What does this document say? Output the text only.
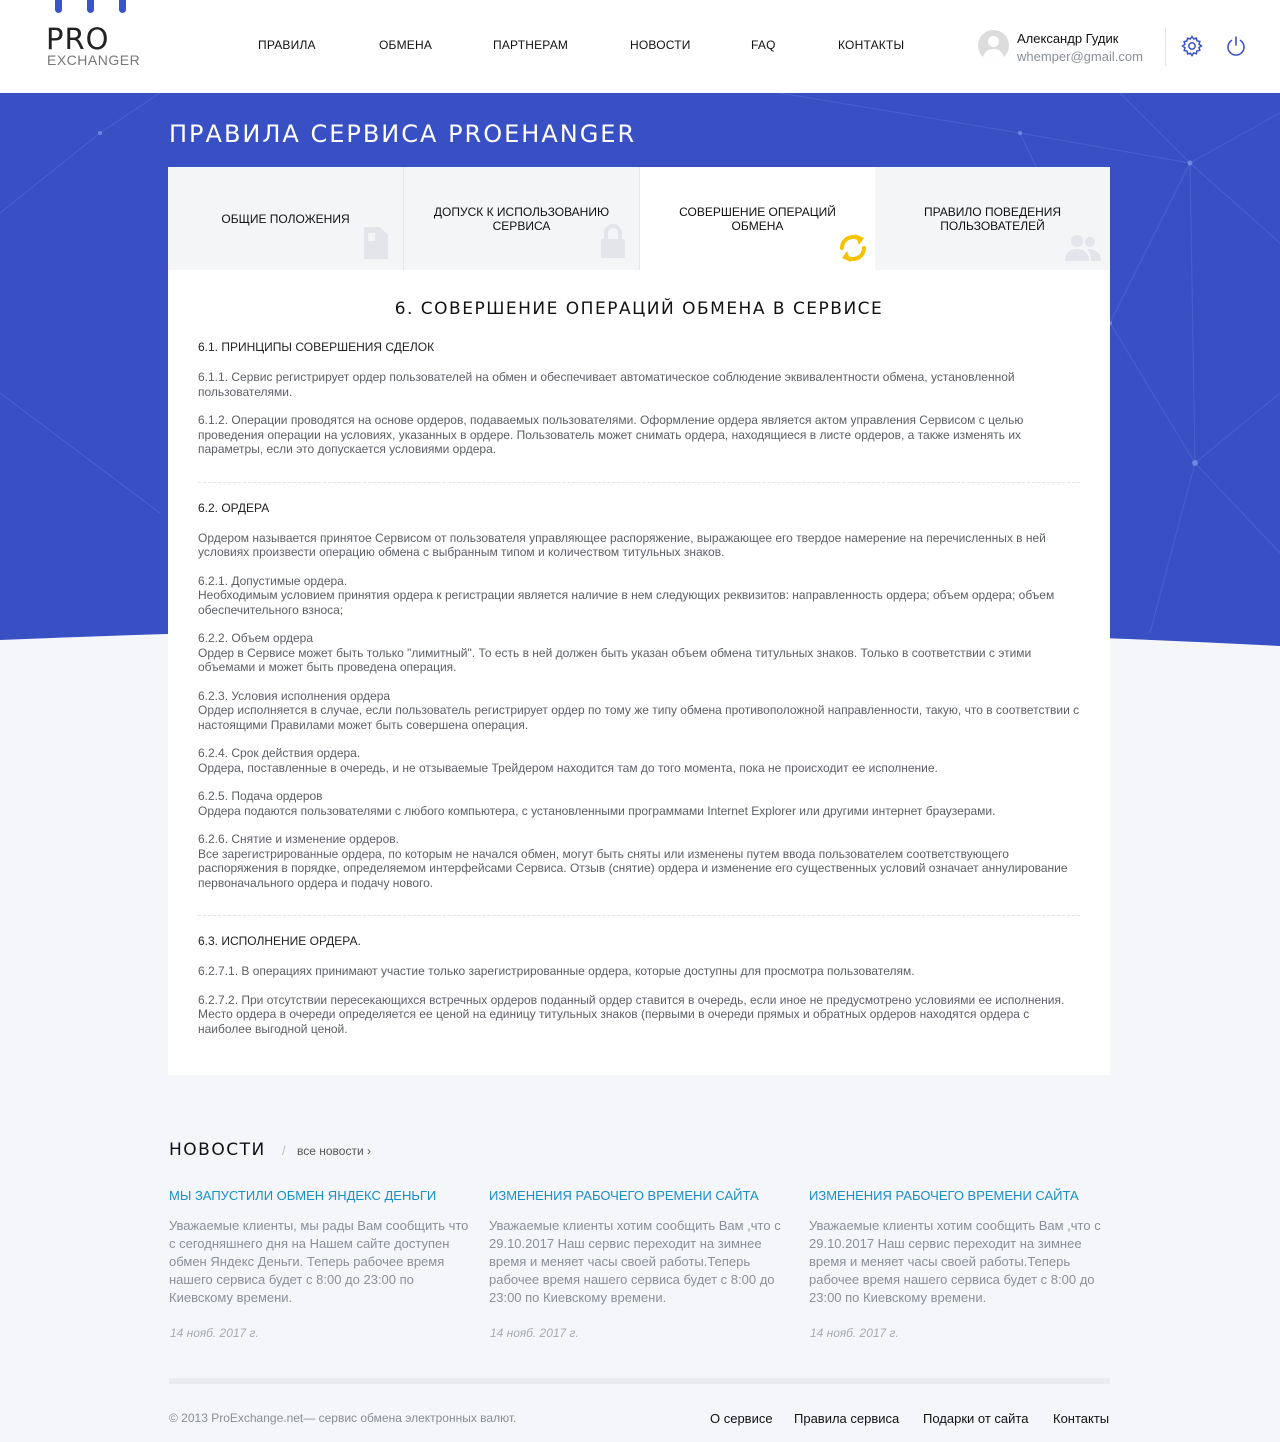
PRO
EXCHANGER
ПРАВИЛА	ОБМЕНА	ПАРТНЕРАМ	НОВОСТИ	FAQ	КОНТАКТЫ	Александр Гудик
whemper@gmail.com
ПРАВИЛА СЕРВИСА PROEHANGER
ОБЩИЕ ПОЛОЖЕНИЯ	ДОПУСК К ИСПОЛЬЗОВАНИЮ СЕРВИСА
СОВЕРШЕНИЕ ОПЕРАЦИЙ ОБМЕНА
ПРАВИЛО ПОВЕДЕНИЯ ПОЛЬЗОВАТЕЛЕЙ
6. СОВЕРШЕНИЕ ОПЕРАЦИЙ ОБМЕНА В СЕРВИСЕ
6.1. ПРИНЦИПЫ СОВЕРШЕНИЯ СДЕЛОК

6.1.1. Сервис регистрирует ордер пользователей на обмен и обеспечивает автоматическое соблюдение эквивалентности обмена, установленной пользователями.

6.1.2. Операции проводятся на основе ордеров, подаваемых пользователями. Оформление ордера является актом управления Сервисом с целью проведения операции на условиях, указанных в ордере. Пользователь может снимать ордера, находящиеся в листе ордеров, а также изменять их параметры, если это допускается условиями ордера.

6.2. ОРДЕРА

Ордером называется принятое Сервисом от пользователя управляющее распоряжение, выражающее его твердое намерение на перечисленных в ней условиях произвести операцию обмена с выбранным типом и количеством титульных знаков.

6.2.1. Допустимые ордера.

Необходимым условием принятия ордера к регистрации является наличие в нем следующих реквизитов: направленность ордера; объем ордера; объем обеспечительного взноса;

6.2.2. Объем ордера

Ордер в Сервисе может быть только "лимитный". То есть в ней должен быть указан объем обмена титульных знаков. Только в соответствии с этими объемами и может быть проведена операция.

6.2.3. Условия исполнения ордера

Ордер исполняется в случае, если пользователь регистрирует ордер по тому же типу обмена противоположной направленности, такую, что в соответствии с настоящими Правилами может быть совершена операция.

6.2.4. Срок действия ордера.

Ордера, поставленные в очередь, и не отзываемые Трейдером находится там до того момента, пока не происходит ее исполнение.

6.2.5. Подача ордеров

Ордера подаются пользователями с любого компьютера, с установленными программами Internet Explorer или другими интернет браузерами.

6.2.6. Снятие и изменение ордеров.

Все зарегистрированные ордера, по которым не начался обмен, могут быть сняты или изменены путем ввода пользователем соответствующего распоряжения в порядке, определяемом интерфейсами Сервиса. Отзыв (снятие) ордера и изменение его существенных условий означает аннулирование первоначального ордера и подачу нового.

6.3. ИСПОЛНЕНИЕ ОРДЕРА.

6.2.7.1. В операциях принимают участие только зарегистрированные ордера, которые доступны для просмотра пользователям.

6.2.7.2. При отсутствии пересекающихся встречных ордеров поданный ордер ставится в очередь, если иное не предусмотрено условиями ее исполнения. Место ордера в очереди определяется ее ценой на единицу титульных знаков (первыми в очереди прямых и обратных ордеров находятся ордера с наиболее выгодной ценой.

НОВОСТИ / все новости ›
МЫ ЗАПУСТИЛИ ОБМЕН ЯНДЕКС ДЕНЬГИ
Уважаемые клиенты, мы рады Вам сообщить что с сегодняшнего дня на Нашем сайте доступен обмен Яндекс Деньги. Теперь рабочее время нашего сервиса будет с 8:00 до 23:00 по Киевскому времени.
14 нояб. 2017 г.
ИЗМЕНЕНИЯ РАБОЧЕГО ВРЕМЕНИ САЙТА
Уважаемые клиенты хотим сообщить Вам ,что с 29.10.2017 Наш сервис переходит на зимнее время и меняет часы своей работы.Теперь рабочее время нашего сервиса будет с 8:00 до 23:00 по Киевскому времени.
14 нояб. 2017 г.
ИЗМЕНЕНИЯ РАБОЧЕГО ВРЕМЕНИ САЙТА
Уважаемые клиенты хотим сообщить Вам ,что с 29.10.2017 Наш сервис переходит на зимнее время и меняет часы своей работы.Теперь рабочее время нашего сервиса будет с 8:00 до 23:00 по Киевскому времени.
14 нояб. 2017 г.
© 2013 ProExchange.net— сервис обмена электронных валют.	О сервисе Правила сервиса Подарки от сайта Контакты
